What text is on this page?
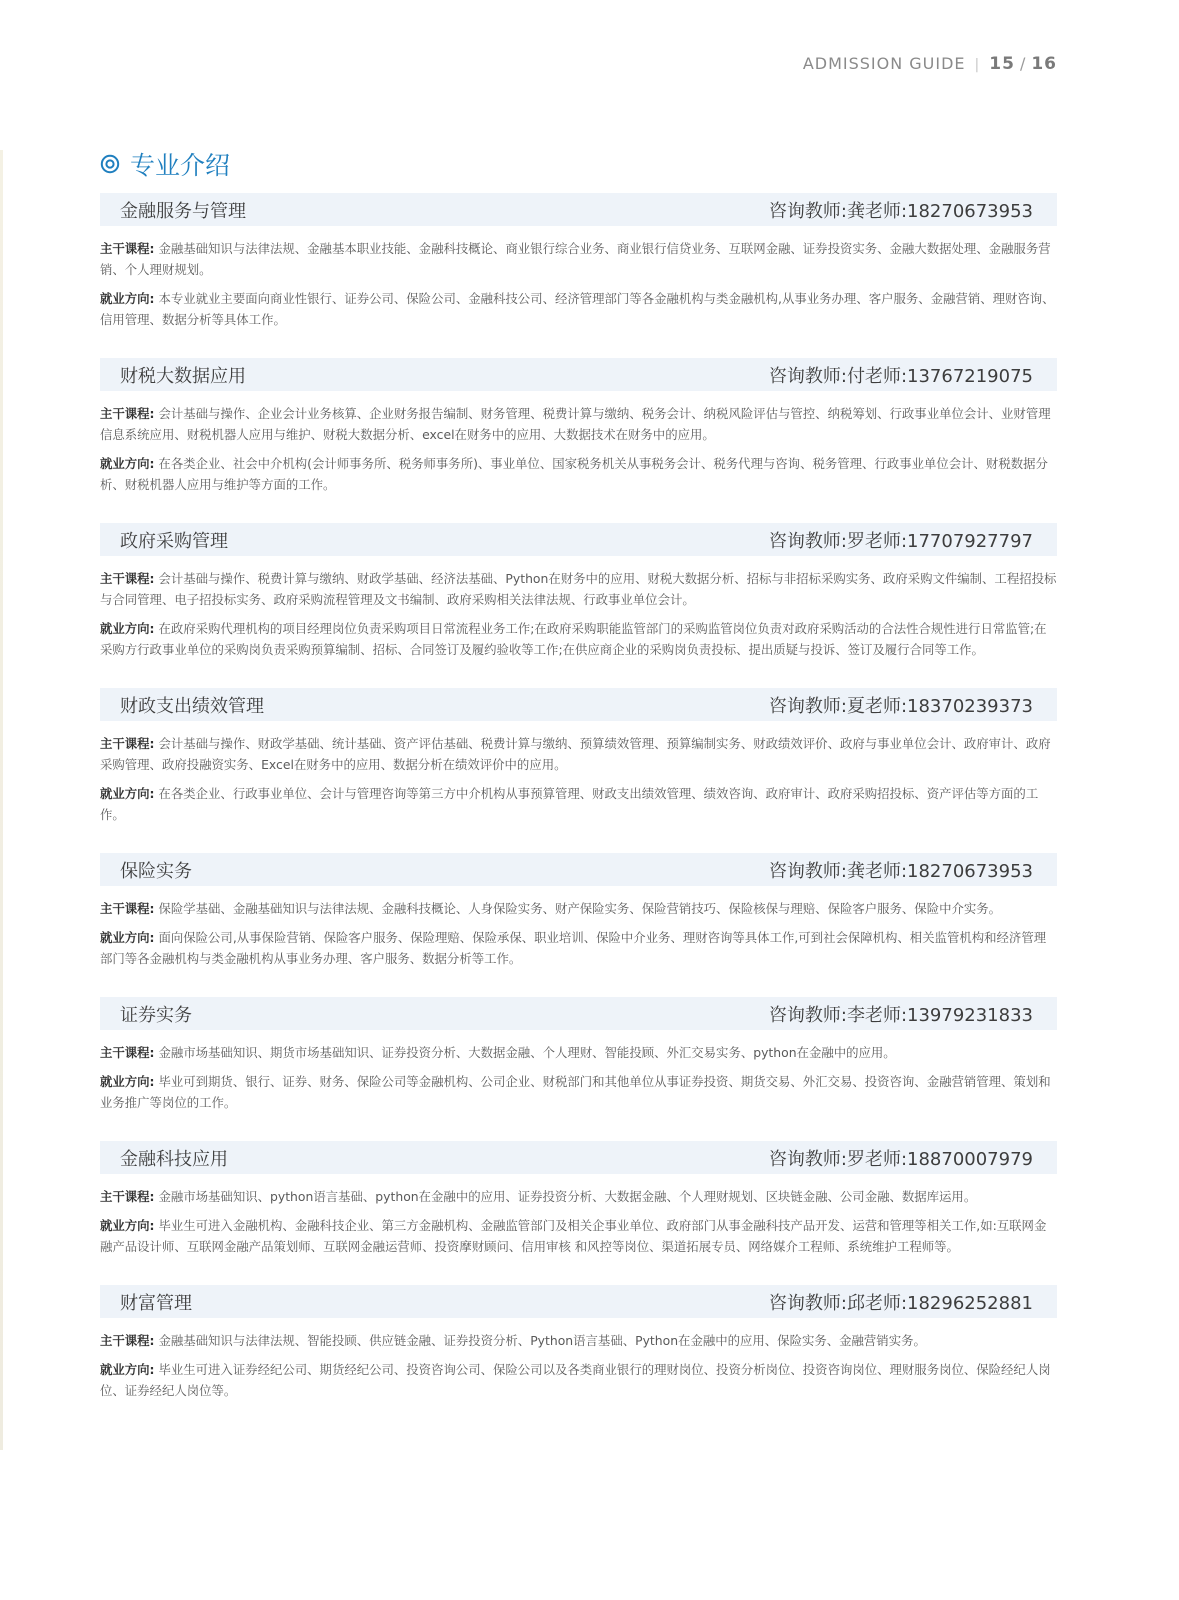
ADMISSION GUIDE | 15 / 16
专业介绍
金融服务与管理	咨询教师:龚老师:18270673953

主干课程: 金融基础知识与法律法规、金融基本职业技能、金融科技概论、商业银行综合业务、商业银行信贷业务、互联网金融、证券投资实务、金融大数据处理、金融服务营销、个人理财规划。

就业方向: 本专业就业主要面向商业性银行、证券公司、保险公司、金融科技公司、经济管理部门等各金融机构与类金融机构,从事业务办理、客户服务、金融营销、理财咨询、信用管理、数据分析等具体工作。

财税大数据应用	咨询教师:付老师:13767219075

主干课程: 会计基础与操作、企业会计业务核算、企业财务报告编制、财务管理、税费计算与缴纳、税务会计、纳税风险评估与管控、纳税筹划、行政事业单位会计、业财管理信息系统应用、财税机器人应用与维护、财税大数据分析、excel在财务中的应用、大数据技术在财务中的应用。

就业方向: 在各类企业、社会中介机构(会计师事务所、税务师事务所)、事业单位、国家税务机关从事税务会计、税务代理与咨询、税务管理、行政事业单位会计、财税数据分析、财税机器人应用与维护等方面的工作。

政府采购管理	咨询教师:罗老师:17707927797

主干课程: 会计基础与操作、税费计算与缴纳、财政学基础、经济法基础、Python在财务中的应用、财税大数据分析、招标与非招标采购实务、政府采购文件编制、工程招投标与合同管理、电子招投标实务、政府采购流程管理及文书编制、政府采购相关法律法规、行政事业单位会计。

就业方向: 在政府采购代理机构的项目经理岗位负责采购项目日常流程业务工作;在政府采购职能监管部门的采购监管岗位负责对政府采购活动的合法性合规性进行日常监管;在采购方行政事业单位的采购岗负责采购预算编制、招标、合同签订及履约验收等工作;在供应商企业的采购岗负责投标、提出质疑与投诉、签订及履行合同等工作。

财政支出绩效管理	咨询教师:夏老师:18370239373

主干课程: 会计基础与操作、财政学基础、统计基础、资产评估基础、税费计算与缴纳、预算绩效管理、预算编制实务、财政绩效评价、政府与事业单位会计、政府审计、政府采购管理、政府投融资实务、Excel在财务中的应用、数据分析在绩效评价中的应用。

就业方向: 在各类企业、行政事业单位、会计与管理咨询等第三方中介机构从事预算管理、财政支出绩效管理、绩效咨询、政府审计、政府采购招投标、资产评估等方面的工作。

保险实务	咨询教师:龚老师:18270673953

主干课程: 保险学基础、金融基础知识与法律法规、金融科技概论、人身保险实务、财产保险实务、保险营销技巧、保险核保与理赔、保险客户服务、保险中介实务。

就业方向: 面向保险公司,从事保险营销、保险客户服务、保险理赔、保险承保、职业培训、保险中介业务、理财咨询等具体工作,可到社会保障机构、相关监管机构和经济管理部门等各金融机构与类金融机构从事业务办理、客户服务、数据分析等工作。

证券实务	咨询教师:李老师:13979231833

主干课程: 金融市场基础知识、期货市场基础知识、证券投资分析、大数据金融、个人理财、智能投顾、外汇交易实务、python在金融中的应用。

就业方向: 毕业可到期货、银行、证券、财务、保险公司等金融机构、公司企业、财税部门和其他单位从事证券投资、期货交易、外汇交易、投资咨询、金融营销管理、策划和业务推广等岗位的工作。

金融科技应用	咨询教师:罗老师:18870007979

主干课程: 金融市场基础知识、python语言基础、python在金融中的应用、证券投资分析、大数据金融、个人理财规划、区块链金融、公司金融、数据库运用。

就业方向: 毕业生可进入金融机构、金融科技企业、第三方金融机构、金融监管部门及相关企事业单位、政府部门从事金融科技产品开发、运营和管理等相关工作,如:互联网金融产品设计师、互联网金融产品策划师、互联网金融运营师、投资摩财顾问、信用审核 和风控等岗位、渠道拓展专员、网络媒介工程师、系统维护工程师等。

财富管理	咨询教师:邱老师:18296252881

主干课程: 金融基础知识与法律法规、智能投顾、供应链金融、证券投资分析、Python语言基础、Python在金融中的应用、保险实务、金融营销实务。

就业方向: 毕业生可进入证券经纪公司、期货经纪公司、投资咨询公司、保险公司以及各类商业银行的理财岗位、投资分析岗位、投资咨询岗位、理财服务岗位、保险经纪人岗位、证券经纪人岗位等。
